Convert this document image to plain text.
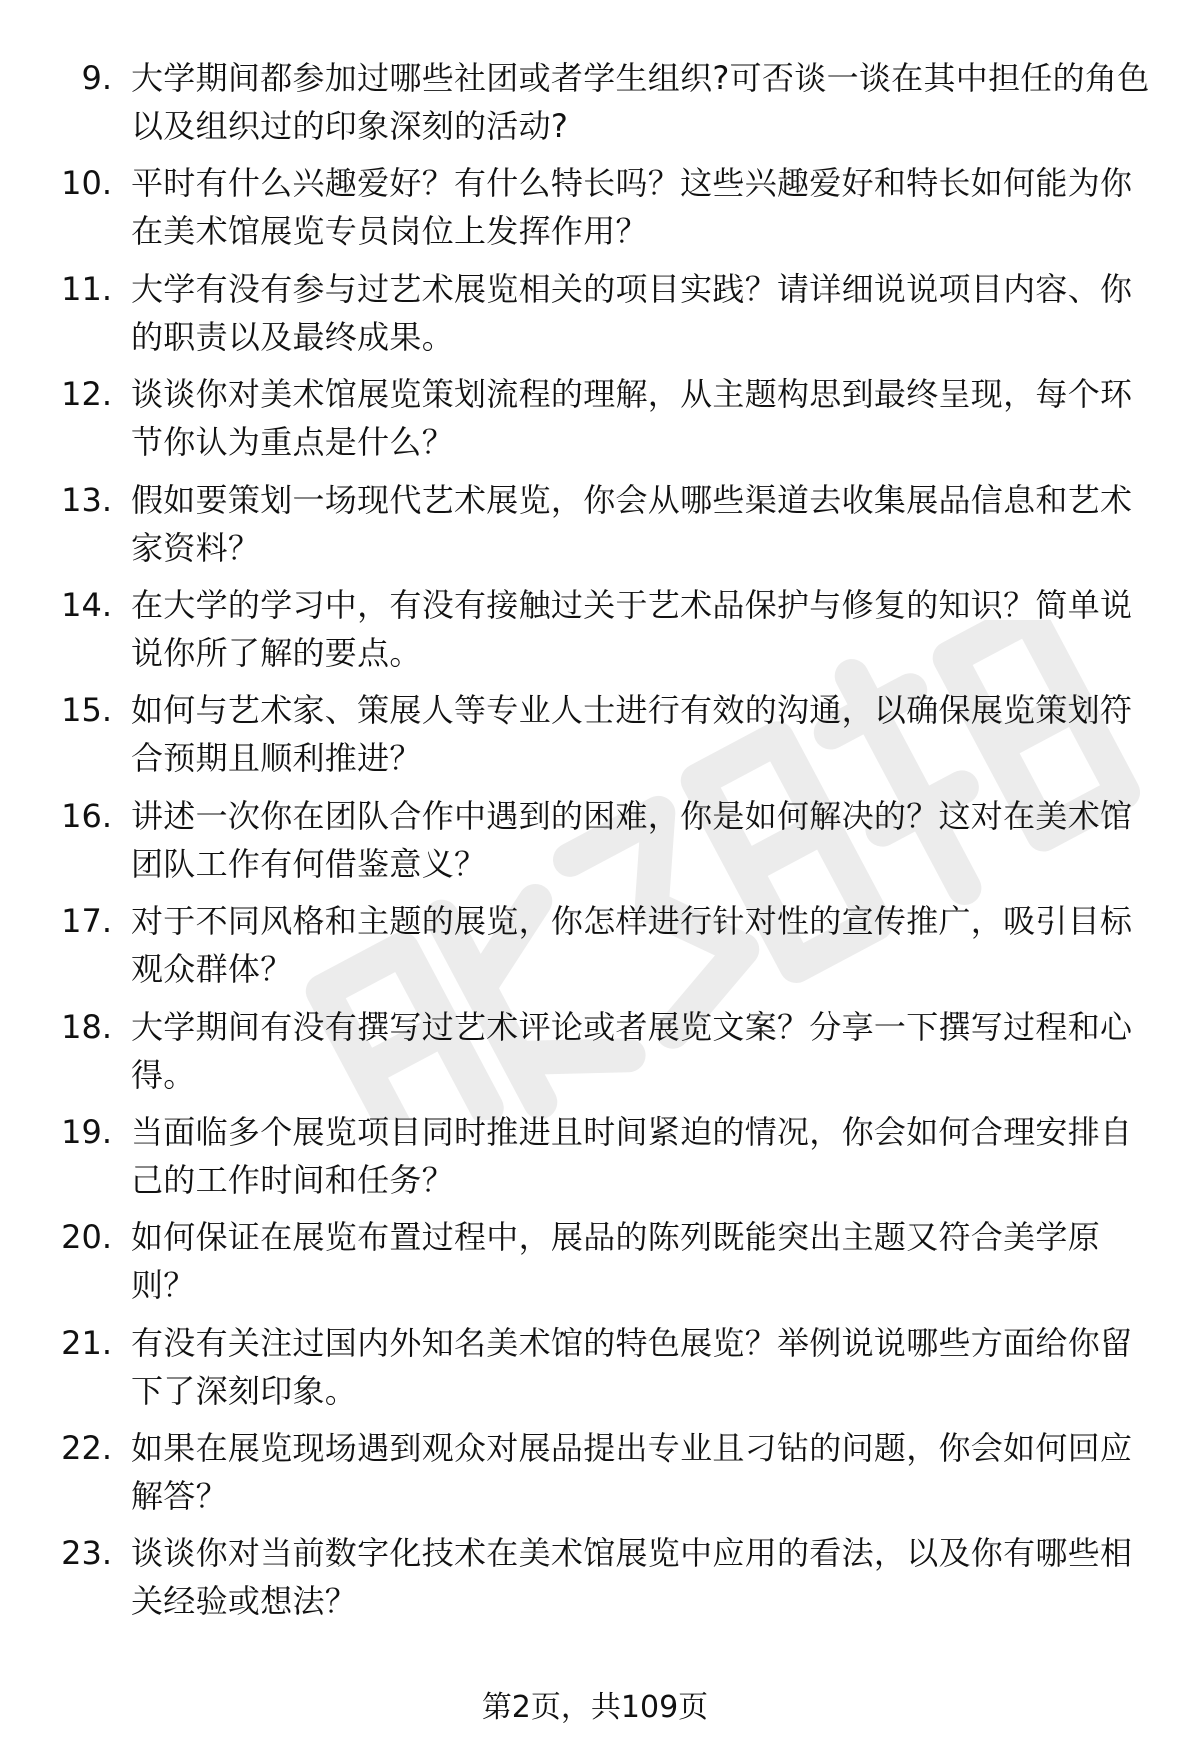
9. 大学期间都参加过哪些社团或者学生组织?可否谈一谈在其中担任的角色以及组织过的印象深刻的活动?
10. 平时有什么兴趣爱好？有什么特长吗？这些兴趣爱好和特长如何能为你在美术馆展览专员岗位上发挥作用？
11. 大学有没有参与过艺术展览相关的项目实践？请详细说说项目内容、你的职责以及最终成果。
12. 谈谈你对美术馆展览策划流程的理解，从主题构思到最终呈现，每个环节你认为重点是什么？
13. 假如要策划一场现代艺术展览，你会从哪些渠道去收集展品信息和艺术家资料？
14. 在大学的学习中，有没有接触过关于艺术品保护与修复的知识？简单说说你所了解的要点。
15. 如何与艺术家、策展人等专业人士进行有效的沟通，以确保展览策划符合预期且顺利推进？
16. 讲述一次你在团队合作中遇到的困难，你是如何解决的？这对在美术馆团队工作有何借鉴意义？
17. 对于不同风格和主题的展览，你怎样进行针对性的宣传推广，吸引目标观众群体？
18. 大学期间有没有撰写过艺术评论或者展览文案？分享一下撰写过程和心得。
19. 当面临多个展览项目同时推进且时间紧迫的情况，你会如何合理安排自己的工作时间和任务？
20. 如何保证在展览布置过程中，展品的陈列既能突出主题又符合美学原则？
21. 有没有关注过国内外知名美术馆的特色展览？举例说说哪些方面给你留下了深刻印象。
22. 如果在展览现场遇到观众对展品提出专业且刁钻的问题，你会如何回应解答？
23. 谈谈你对当前数字化技术在美术馆展览中应用的看法，以及你有哪些相关经验或想法？
第2页，共109页
